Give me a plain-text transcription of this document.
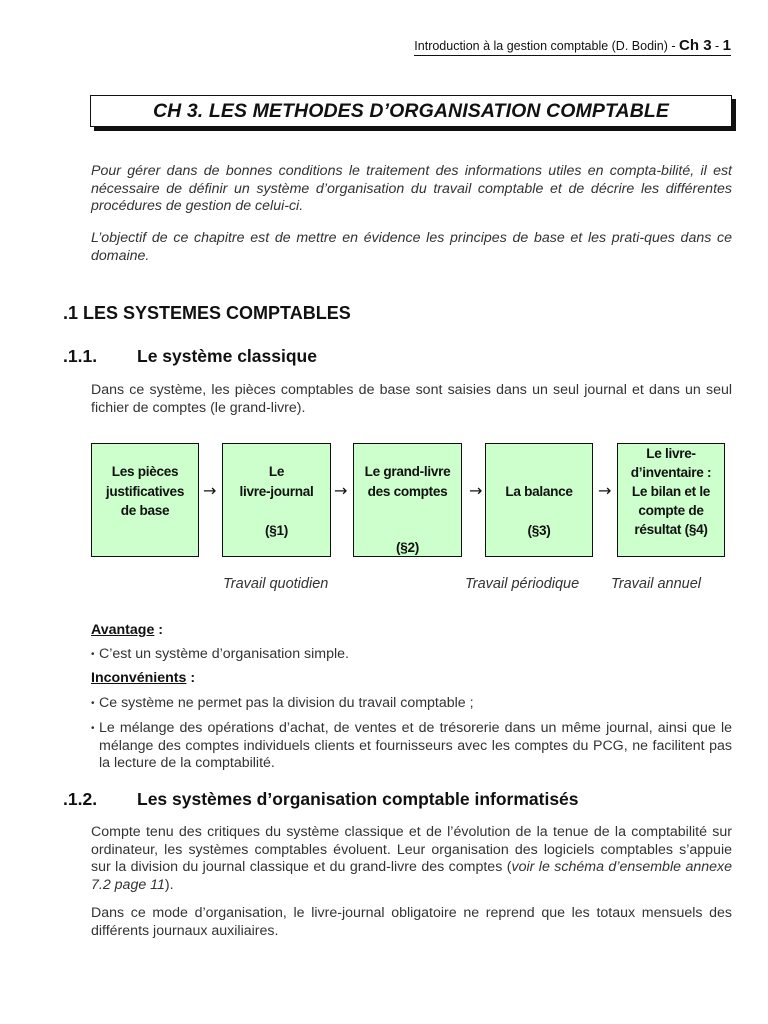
Introduction à la gestion comptable (D. Bodin) - Ch 3 - 1
CH 3. LES METHODES D’ORGANISATION COMPTABLE

Pour gérer dans de bonnes conditions le traitement des informations utiles en compta-bilité, il est nécessaire de définir un système d’organisation du travail comptable et de décrire les différentes procédures de gestion de celui-ci.

L’objectif de ce chapitre est de mettre en évidence les principes de base et les prati-ques dans ce domaine.

.1 LES SYSTEMES COMPTABLES
.1.1. Le système classique

Dans ce système, les pièces comptables de base sont saisies dans un seul journal et dans un seul fichier de comptes (le grand-livre).

Les pièces
justificatives
de base
→
Le
livre-journal
(§1)
→
Le grand-livre
des comptes
(§2)
→	La balance
(§3)
→
Le livre-
d’inventaire :
Le bilan et le
compte de
résultat (§4)
Travail quotidien	Travail périodique Travail annuel

Avantage :

• C’est un système d’organisation simple.

Inconvénients :

• Ce système ne permet pas la division du travail comptable ;
• Le mélange des opérations d’achat, de ventes et de trésorerie dans un même journal, ainsi que le mélange des comptes individuels clients et fournisseurs avec les comptes du PCG, ne facilitent pas la lecture de la comptabilité.
.1.2. Les systèmes d’organisation comptable informatisés

Compte tenu des critiques du système classique et de l’évolution de la tenue de la comptabilité sur ordinateur, les systèmes comptables évoluent. Leur organisation des logiciels comptables s’appuie sur la division du journal classique et du grand-livre des comptes (voir le schéma d’ensemble annexe 7.2 page 11).

Dans ce mode d’organisation, le livre-journal obligatoire ne reprend que les totaux mensuels des différents journaux auxiliaires.
